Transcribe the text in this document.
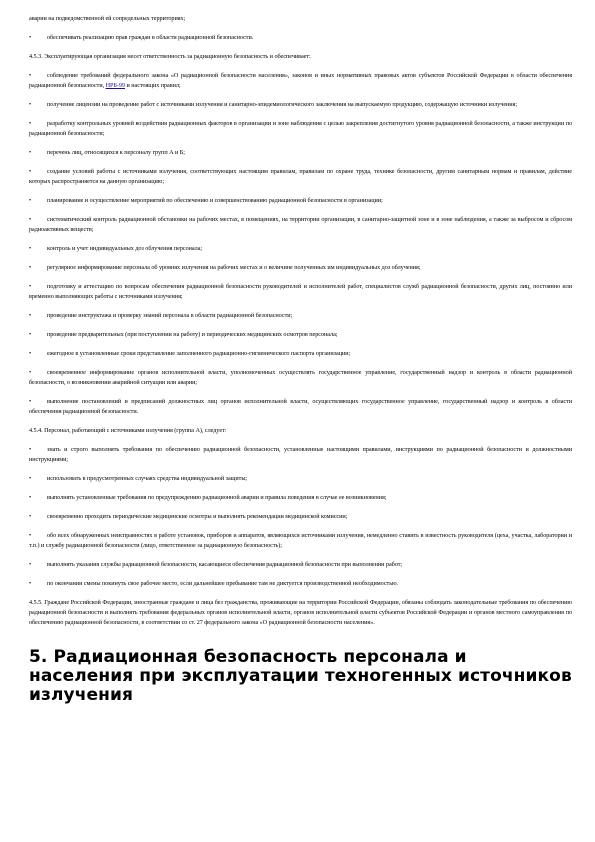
аварии на подведомственной ей сопредельных территориях;

•	обеспечивать реализацию прав граждан в области радиационной безопасности.

4.5.3. Эксплуатирующая организация несет ответственность за радиационную безопасность и обеспечивает:

•	соблюдение требований федерального закона «О радиационной безопасности населения», законов и иных нормативных правовых актов субъектов Российской Федерации в области обеспечения радиационной безопасности, НРБ-99 и настоящих правил;

•	получение лицензии на проведение работ с источниками излучения и санитарно-эпидемиологического заключения на выпускаемую продукцию, содержащую источники излучения;

•	разработку контрольных уровней воздействия радиационных факторов в организации и зоне наблюдения с целью закрепления достигнутого уровня радиационной безопасности, а также инструкции по радиационной безопасности;

•	перечень лиц, относящихся к персоналу групп А и Б;

•	создание условий работы с источниками излучения, соответствующих настоящим правилам, правилам по охране труда, технике безопасности, другим санитарным нормам и правилам, действие которых распространяется на данную организацию;

•	планирование и осуществление мероприятий по обеспечению и совершенствованию радиационной безопасности в организации;

•	систематический контроль радиационной обстановки на рабочих местах, в помещениях, на территории организации, в санитарно-защитной зоне и в зоне наблюдения, а также за выбросом и сбросом радиоактивных веществ;

•	контроль и учет индивидуальных доз облучения персонала;

•	регулярное информирование персонала об уровнях излучения на рабочих местах и о величине полученных им индивидуальных доз облучения;

•	подготовку и аттестацию по вопросам обеспечения радиационной безопасности руководителей и исполнителей работ, специалистов служб радиационной безопасности, других лиц, постоянно или временно выполняющих работы с источниками излучения;

•	проведение инструктажа и проверку знаний персонала в области радиационной безопасности;

•	проведение предварительных (при поступлении на работу) и периодических медицинских осмотров персонала;

•	ежегодное в установленные сроки представление заполненного радиационно-гигиенического паспорта организации;

•	своевременное информирование органов исполнительной власти, уполномоченных осуществлять государственное управление, государственный надзор и контроль в области радиационной безопасности, о возникновении аварийной ситуации или аварии;

•	выполнение постановлений и предписаний должностных лиц органов исполнительной власти, осуществляющих государственное управление, государственный надзор и контроль в области обеспечения радиационной безопасности.

4.5.4. Персонал, работающий с источниками излучения (группа А), следует:

•	знать и строго выполнять требования по обеспечению радиационной безопасности, установленные настоящими правилами, инструкциями по радиационной безопасности и должностными инструкциями;

•	использовать в предусмотренных случаях средства индивидуальной защиты;

•	выполнять установленные требования по предупреждению радиационной аварии и правила поведения в случае ее возникновения;

•	своевременно проходить периодические медицинские осмотры и выполнять рекомендации медицинской комиссии;

•	обо всех обнаруженных неисправностях в работе установок, приборов и аппаратов, являющихся источниками излучения, немедленно ставить в известность руководителя (цеха, участка, лаборатории и т.п.) и службу радиационной безопасности (лицо, ответственное за радиационную безопасность);

•	выполнять указания службы радиационной безопасности, касающиеся обеспечения радиационной безопасности при выполнении работ;

•	по окончании смены покинуть свое рабочее место, если дальнейшее пребывание там не диктуется производственной необходимостью.

4.5.5. Граждане Российской Федерации, иностранные граждане и лица без гражданства, проживающие на территории Российской Федерации, обязаны соблюдать законодательные требования по обеспечению радиационной безопасности и выполнять требования федеральных органов исполнительной власти, органов исполнительной власти субъектов Российской Федерации и органов местного самоуправления по обеспечению радиационной безопасности, в соответствии со ст. 27 федерального закона «О радиационной безопасности населения».

5. Радиационная безопасность персонала и населения при эксплуатации техногенных источников излучения
